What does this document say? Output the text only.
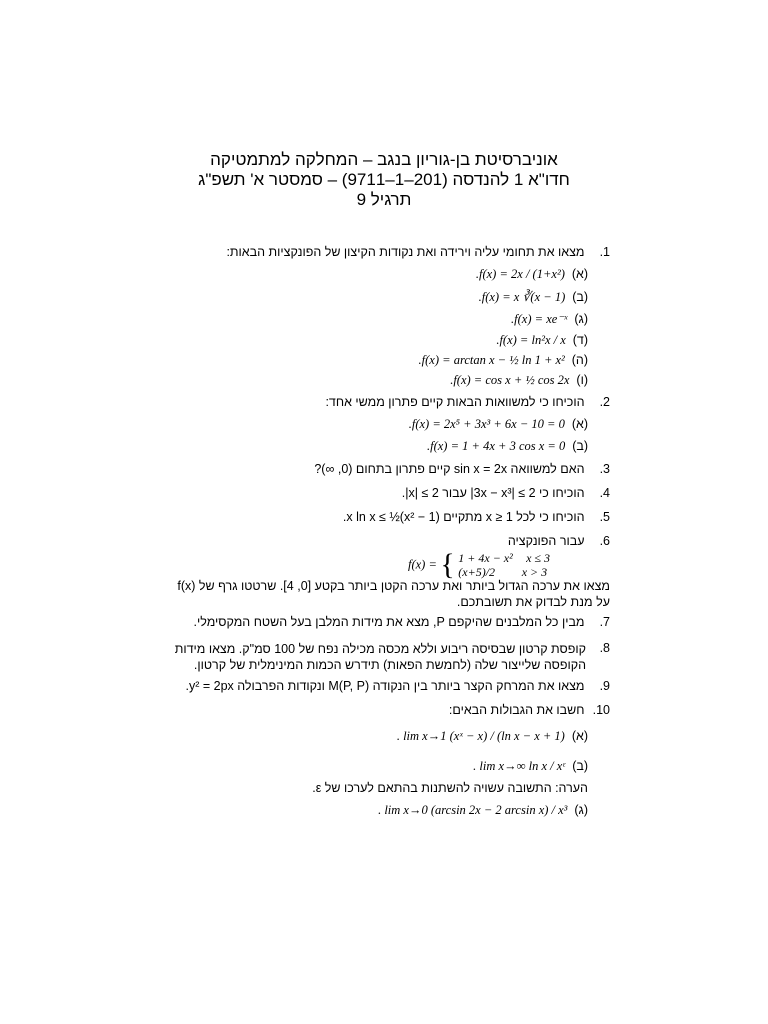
אוניברסיטת בן-גוריון בנגב – המחלקה למתמטיקה
חדו"א 1 להנדסה (201–1–9711) – סמסטר א' תשפ"ג
תרגיל 9
1. מצאו את תחומי עליה וירידה ואת נקודות הקיצון של הפונקציות הבאות:
(א)  .f(x) = 2x / (1+x²)
(ב)  .f(x) = x ∛(x − 1)
(ג)  .f(x) = xe⁻ˣ
(ד)  .f(x) = ln²x / x
(ה)  .f(x) = arctan x − ½ ln 1 + x²
(ו)  .f(x) = cos x + ½ cos 2x
2. הוכיחו כי למשוואות הבאות קיים פתרון ממשי אחד:
(א)  .f(x) = 2x⁵ + 3x³ + 6x − 10 = 0
(ב)  .f(x) = 1 + 4x + 3 cos x = 0
3. האם למשוואה sin x = 2x קיים פתרון בתחום (0, ∞)?
4. הוכיחו כי 2 ≥ |3x − x³| עבור 2 ≥ |x|.
5. הוכיחו כי לכל 1 ≤ x מתקיים x ln x ≤ ½(x² − 1).
6. עבור הפונקציה
f(x) = { 1 + 4x − x² x ≤ 3
(x+5)/2 x > 3
מצאו את ערכה הגדול ביותר ואת ערכה הקטן ביותר בקטע [0, 4]. שרטטו גרף של f(x) על מנת לבדוק את תשובתכם.
7. מבין כל המלבנים שהיקפם P, מצא את מידות המלבן בעל השטח המקסימלי.
8.
קופסת קרטון שבסיסה ריבוע וללא מכסה מכילה נפח של 100 סמ"ק. מצאו מידות הקופסה שלייצור שלה (לחמשת הפאות) תידרש הכמות המינימלית של קרטון.
9. מצאו את המרחק הקצר ביותר בין הנקודה M(P, P) ונקודות הפרבולה y² = 2px.
10. חשבו את הגבולות הבאים:
(א)  . lim x→1 (xˣ − x) / (ln x − x + 1)
(ב)  . lim x→∞ ln x / xᵋ
הערה: התשובה עשויה להשתנות בהתאם לערכו של ε.
(ג)  . lim x→0 (arcsin 2x − 2 arcsin x) / x³
